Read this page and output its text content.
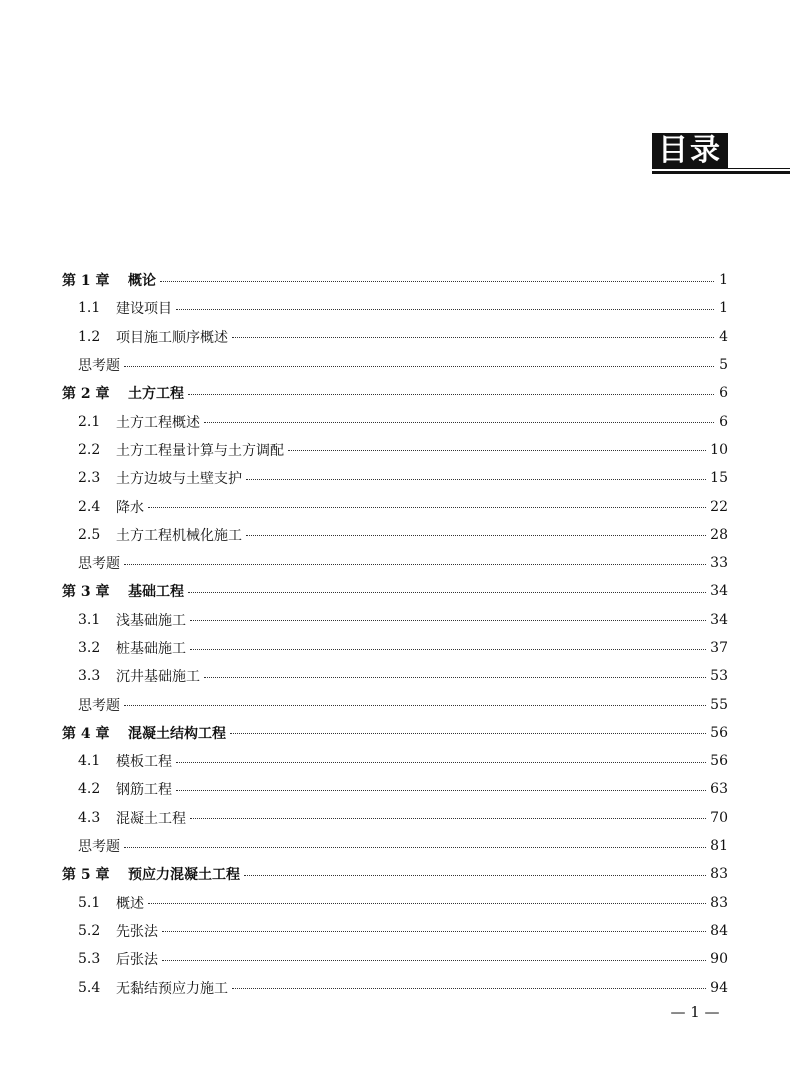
目录
第 1 章	概论	1
1.1	建设项目	1
1.2	项目施工顺序概述	4
思考题	5
第 2 章	土方工程	6
2.1	土方工程概述	6
2.2	土方工程量计算与土方调配	10
2.3	土方边坡与土壁支护	15
2.4	降水	22
2.5	土方工程机械化施工	28
思考题	33
第 3 章	基础工程	34
3.1	浅基础施工	34
3.2	桩基础施工	37
3.3	沉井基础施工	53
思考题	55
第 4 章	混凝土结构工程	56
4.1	模板工程	56
4.2	钢筋工程	63
4.3	混凝土工程	70
思考题	81
第 5 章	预应力混凝土工程	83
5.1	概述	83
5.2	先张法	84
5.3	后张法	90
5.4	无黏结预应力施工	94
— 1 —
